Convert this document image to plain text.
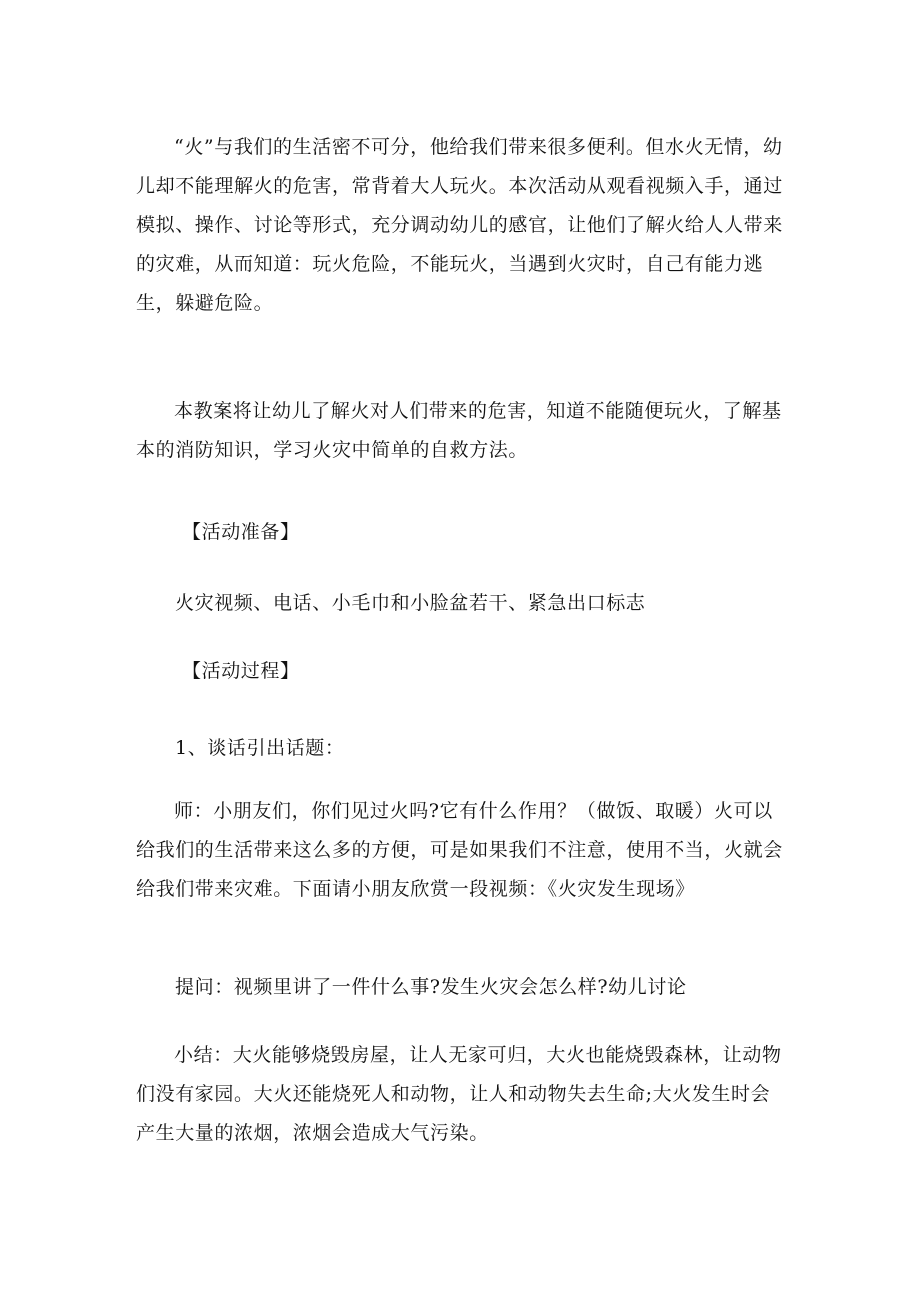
“火”与我们的生活密不可分，他给我们带来很多便利。但水火无情，幼儿却不能理解火的危害，常背着大人玩火。本次活动从观看视频入手，通过模拟、操作、讨论等形式，充分调动幼儿的感官，让他们了解火给人人带来的灾难，从而知道：玩火危险，不能玩火，当遇到火灾时，自己有能力逃生，躲避危险。

本教案将让幼儿了解火对人们带来的危害，知道不能随便玩火，了解基本的消防知识，学习火灾中简单的自救方法。

【活动准备】

火灾视频、电话、小毛巾和小脸盆若干、紧急出口标志

【活动过程】

1、谈话引出话题：

师：小朋友们，你们见过火吗?它有什么作用？（做饭、取暖）火可以给我们的生活带来这么多的方便，可是如果我们不注意，使用不当，火就会给我们带来灾难。下面请小朋友欣赏一段视频：《火灾发生现场》

提问：视频里讲了一件什么事?发生火灾会怎么样?幼儿讨论

小结：大火能够烧毁房屋，让人无家可归，大火也能烧毁森林，让动物们没有家园。大火还能烧死人和动物，让人和动物失去生命;大火发生时会产生大量的浓烟，浓烟会造成大气污染。
